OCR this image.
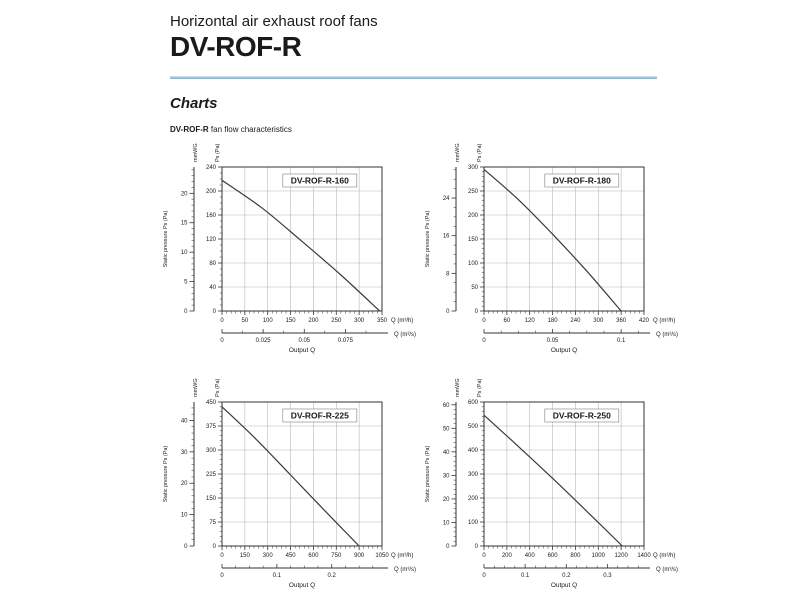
Horizontal air exhaust roof fans
DV-ROF-R
Charts
DV-ROF-R fan flow characteristics
0
40
80
120
160
200
240
0	50 100 150 200 250 300 350 Q (m³/h)
0
5
10
15
20
mmWG	Ps (Pa)
Static pressure Ps (Pa)
DV-ROF-R-160
0	0.025	0.05	0.075
Q (m³/s)
Output Q
0
50
100
150
200
250
300
0	60 120 180 240 300 360 420 Q (m³/h)
0
8
16
24
mmWG	Ps (Pa)
Static pressure Ps (Pa)
DV-ROF-R-180
0	0.05	0.1
Q (m³/s)
Output Q
0
75
150
225
300
375
450
0	150 300 450 600 750 900 1050 Q (m³/h)
0
10
20
30
40
mmWG	Ps (Pa)
Static pressure Ps (Pa)
DV-ROF-R-225
0	0.1	0.2
Q (m³/s)
Output Q
0
100
200
300
400
500
600
0	200 400 600 800 1000 1200 1400 Q (m³/h)
0
10
20
30
40
50
60
mmWG	Ps (Pa)
Static pressure Ps (Pa)
DV-ROF-R-250
0	0.1	0.2	0.3
Q (m³/s)
Output Q
